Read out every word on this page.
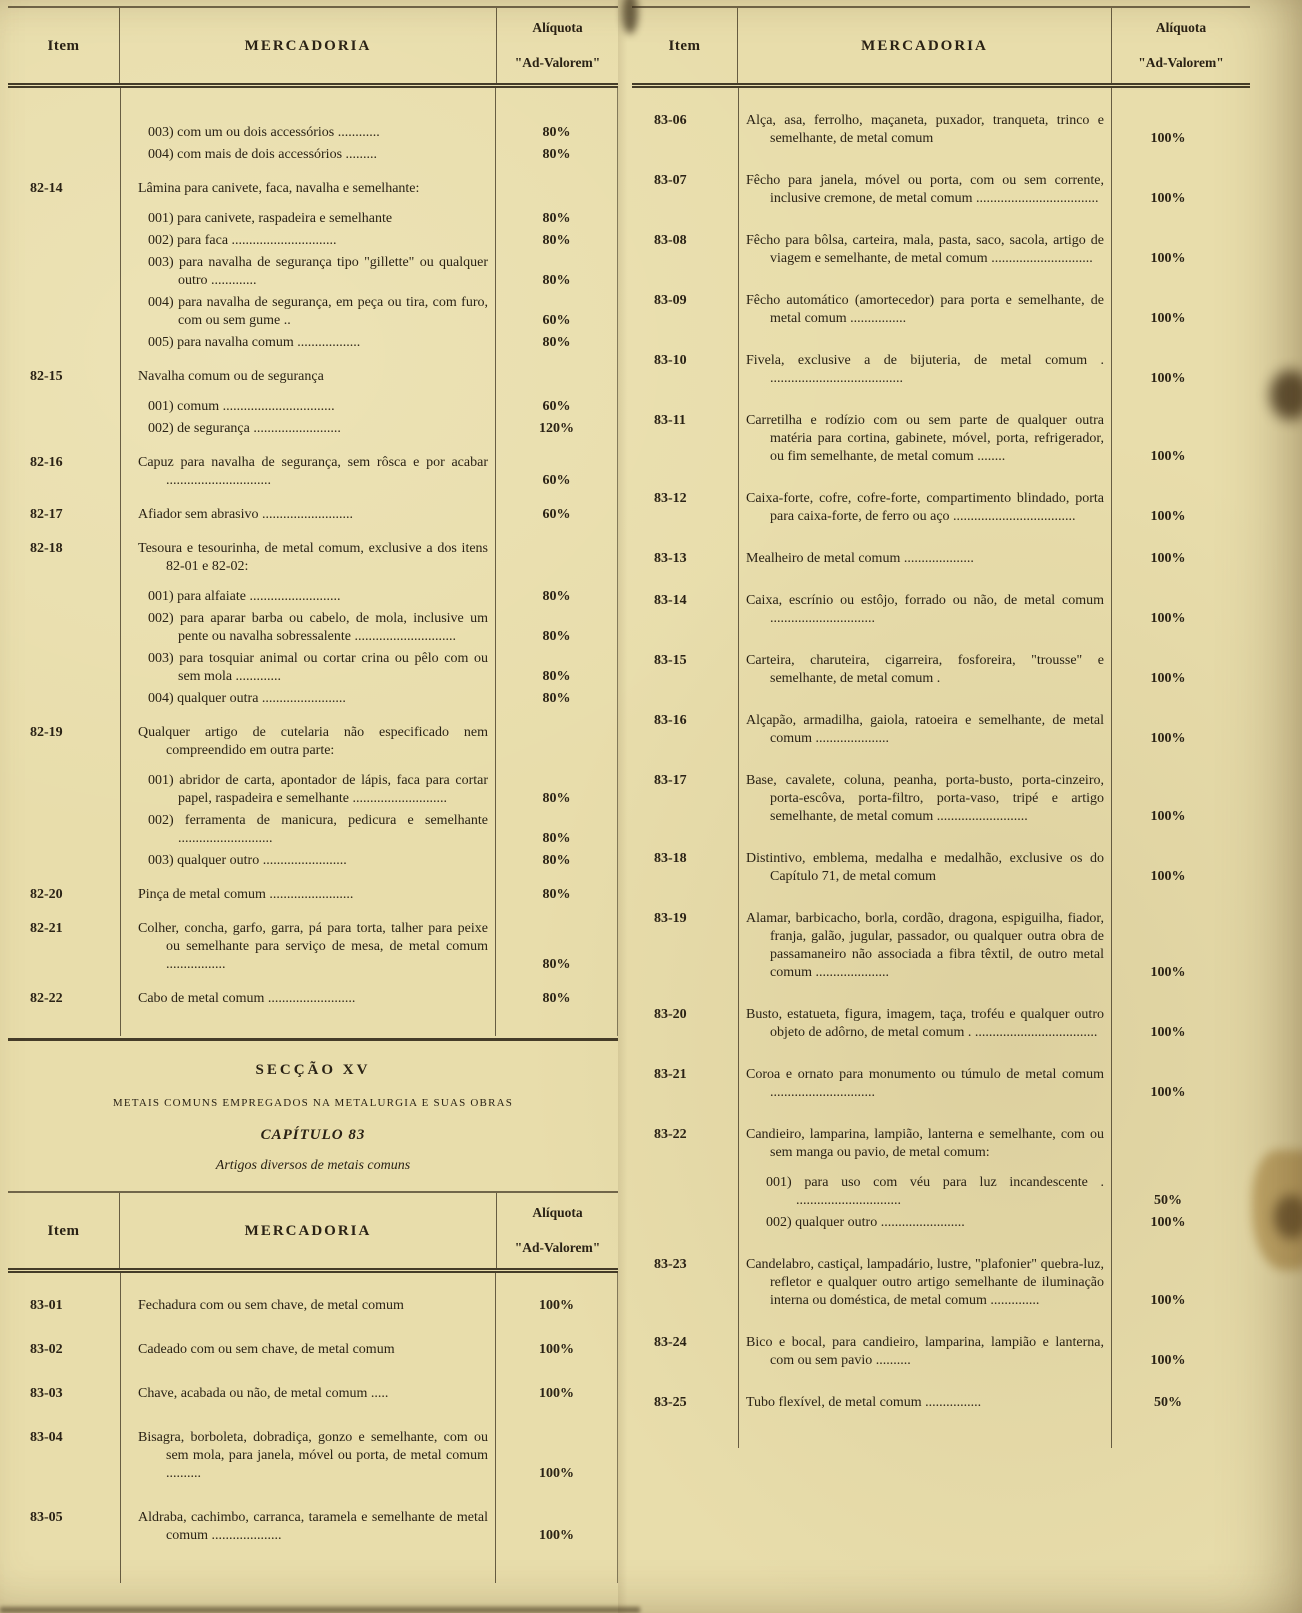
Item	MERCADORIA
Alíquota
"Ad-Valorem"
003) com um ou dois accessórios ............	80%
004) com mais de dois accessórios .........	80%
82-14	Lâmina para canivete, faca, navalha e semelhante:
001) para canivete, raspadeira e semelhante	80%
002) para faca ..............................	80%
003) para navalha de segurança tipo "gillette" ou qualquer outro .............	80%
004) para navalha de segurança, em peça ou tira, com furo, com ou sem gume ..	60%
005) para navalha comum ..................	80%
82-15	Navalha comum ou de segurança
001) comum ................................	60%
002) de segurança .........................	120%
82-16	Capuz para navalha de segurança, sem rôsca e por acabar ..............................	60%
82-17	Afiador sem abrasivo ..........................	60%
82-18	Tesoura e tesourinha, de metal comum, exclusive a dos itens 82-01 e 82-02:
001) para alfaiate ..........................	80%
002) para aparar barba ou cabelo, de mola, inclusive um pente ou navalha sobressalente .............................	80%
003) para tosquiar animal ou cortar crina ou pêlo com ou sem mola .............	80%
004) qualquer outra ........................	80%
82-19	Qualquer artigo de cutelaria não especificado nem compreendido em outra parte:
001) abridor de carta, apontador de lápis, faca para cortar papel, raspadeira e semelhante ...........................	80%
002) ferramenta de manicura, pedicura e semelhante ...........................	80%
003) qualquer outro ........................	80%
82-20	Pinça de metal comum ........................	80%
82-21	Colher, concha, garfo, garra, pá para torta, talher para peixe ou semelhante para serviço de mesa, de metal comum .................	80%
82-22	Cabo de metal comum .........................	80%
SECÇÃO XV
METAIS COMUNS EMPREGADOS NA METALURGIA E SUAS OBRAS
CAPÍTULO 83
Artigos diversos de metais comuns
Item	MERCADORIA
Alíquota
"Ad-Valorem"
83-01	Fechadura com ou sem chave, de metal comum	100%
83-02	Cadeado com ou sem chave, de metal comum	100%
83-03	Chave, acabada ou não, de metal comum .....	100%
83-04	Bisagra, borboleta, dobradiça, gonzo e semelhante, com ou sem mola, para janela, móvel ou porta, de metal comum ..........	100%
83-05	Aldraba, cachimbo, carranca, taramela e semelhante de metal comum ....................	100%
Item	MERCADORIA
Alíquota
"Ad-Valorem"
83-06	Alça, asa, ferrolho, maçaneta, puxador, tranqueta, trinco e semelhante, de metal comum	100%
83-07	Fêcho para janela, móvel ou porta, com ou sem corrente, inclusive cremone, de metal comum ...................................	100%
83-08	Fêcho para bôlsa, carteira, mala, pasta, saco, sacola, artigo de viagem e semelhante, de metal comum .............................	100%
83-09	Fêcho automático (amortecedor) para porta e semelhante, de metal comum ................	100%
83-10	Fivela, exclusive a de bijuteria, de metal comum . ......................................	100%
83-11	Carretilha e rodízio com ou sem parte de qualquer outra matéria para cortina, gabinete, móvel, porta, refrigerador, ou fim semelhante, de metal comum ........	100%
83-12	Caixa-forte, cofre, cofre-forte, compartimento blindado, porta para caixa-forte, de ferro ou aço ...................................	100%
83-13	Mealheiro de metal comum ....................	100%
83-14	Caixa, escrínio ou estôjo, forrado ou não, de metal comum ..............................	100%
83-15	Carteira, charuteira, cigarreira, fosforeira, "trousse" e semelhante, de metal comum .	100%
83-16	Alçapão, armadilha, gaiola, ratoeira e semelhante, de metal comum .....................	100%
83-17	Base, cavalete, coluna, peanha, porta-busto, porta-cinzeiro, porta-escôva, porta-filtro, porta-vaso, tripé e artigo semelhante, de metal comum ..........................	100%
83-18	Distintivo, emblema, medalha e medalhão, exclusive os do Capítulo 71, de metal comum	100%
83-19	Alamar, barbicacho, borla, cordão, dragona, espiguilha, fiador, franja, galão, jugular, passador, ou qualquer outra obra de passamaneiro não associada a fibra têxtil, de outro metal comum .....................	100%
83-20	Busto, estatueta, figura, imagem, taça, troféu e qualquer outro objeto de adôrno, de metal comum . ...................................	100%
83-21	Coroa e ornato para monumento ou túmulo de metal comum ..............................	100%
83-22	Candieiro, lamparina, lampião, lanterna e semelhante, com ou sem manga ou pavio, de metal comum:
001) para uso com véu para luz incandescente . ..............................	50%
002) qualquer outro ........................	100%
83-23	Candelabro, castiçal, lampadário, lustre, "plafonier" quebra-luz, refletor e qualquer outro artigo semelhante de iluminação interna ou doméstica, de metal comum ..............	100%
83-24	Bico e bocal, para candieiro, lamparina, lampião e lanterna, com ou sem pavio ..........	100%
83-25	Tubo flexível, de metal comum ................	50%
